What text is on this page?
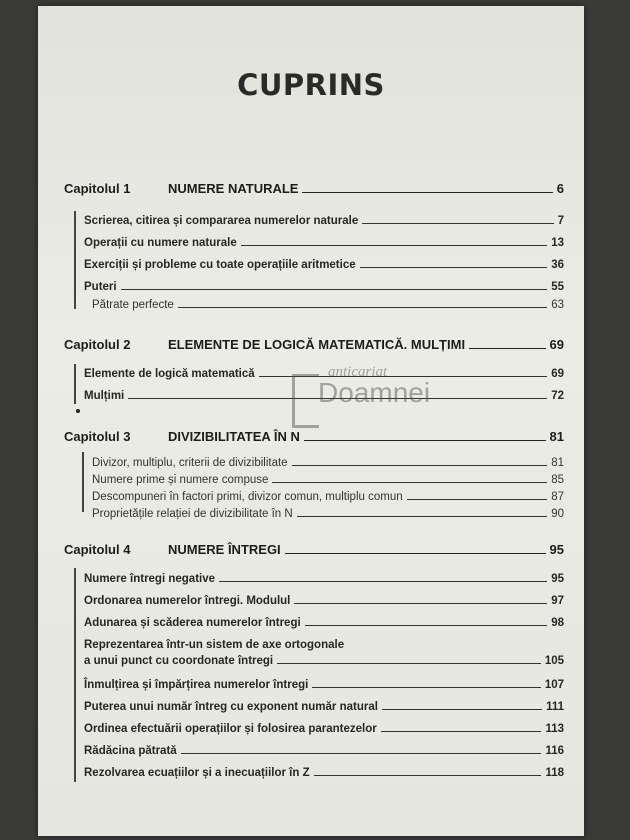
CUPRINS
Capitolul 1	NUMERE NATURALE	6
Scrierea, citirea și compararea numerelor naturale	7
Operații cu numere naturale	13
Exerciții și probleme cu toate operațiile aritmetice	36
Puteri	55
Pătrate perfecte	63
Capitolul 2	ELEMENTE DE LOGICĂ MATEMATICĂ. MULȚIMI	69
Elemente de logică matematică	69
Mulțimi	72
Capitolul 3	DIVIZIBILITATEA ÎN N	81
Divizor, multiplu, criterii de divizibilitate	81
Numere prime și numere compuse	85
Descompuneri în factori primi, divizor comun, multiplu comun	87
Proprietățile relației de divizibilitate în N	90
Capitolul 4	NUMERE ÎNTREGI	95
Numere întregi negative	95
Ordonarea numerelor întregi. Modulul	97
Adunarea și scăderea numerelor întregi	98
Reprezentarea într-un sistem de axe ortogonale
a unui punct cu coordonate întregi	105
Înmulțirea și împărțirea numerelor întregi	107
Puterea unui număr întreg cu exponent număr natural	111
Ordinea efectuării operațiilor și folosirea parantezelor	113
Rădăcina pătrată	116
Rezolvarea ecuațiilor și a inecuațiilor în Z	118
anticariat
Doamnei
